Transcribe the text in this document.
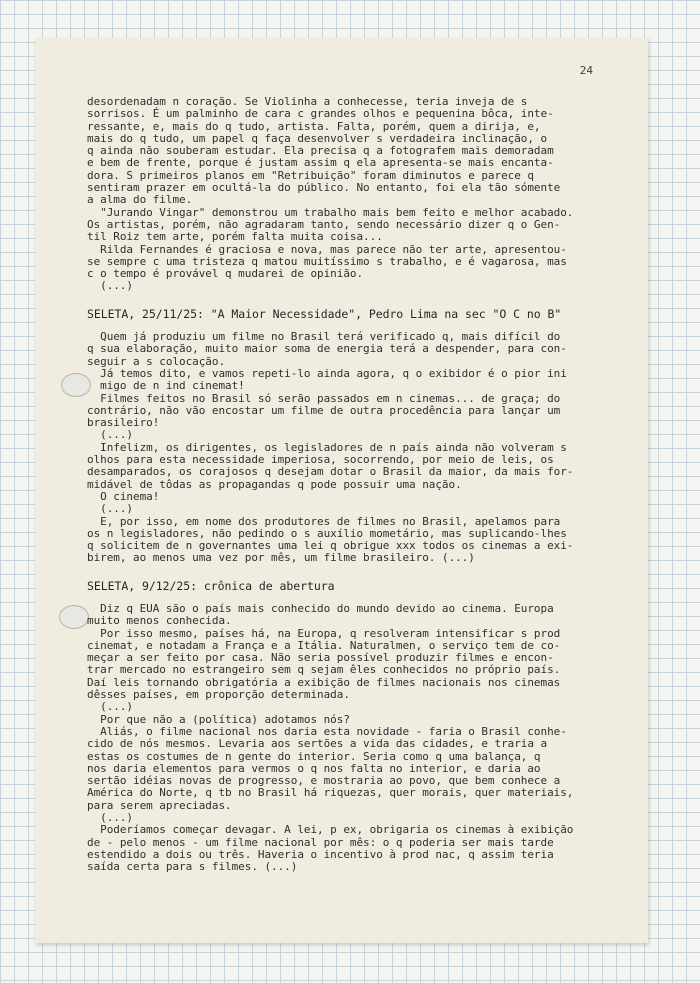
24
desordenadam n coração. Se Violinha a conhecesse, teria inveja de s
sorrisos. É um palminho de cara c grandes olhos e pequenina bôca, inte-
ressante, e, mais do q tudo, artista. Falta, porém, quem a dirija, e,
mais do q tudo, um papel q faça desenvolver s verdadeira inclinação, o
q ainda não souberam estudar. Ela precisa q a fotografem mais demoradam
e bem de frente, porque é justam assim q ela apresenta-se mais encanta-
dora. S primeiros planos em "Retribuição" foram diminutos e parece q
sentiram prazer em ocultá-la do público. No entanto, foi ela tão sómente
a alma do filme.
"Jurando Vingar" demonstrou um trabalho mais bem feito e melhor acabado.
Os artistas, porém, não agradaram tanto, sendo necessário dizer q o Gen-
til Roiz tem arte, porém falta muita coisa...
Rilda Fernandes é graciosa e nova, mas parece não ter arte, apresentou-
se sempre c uma tristeza q matou muitíssimo s trabalho, e é vagarosa, mas
c o tempo é provável q mudarei de opinião.
(...)
SELETA, 25/11/25: "A Maior Necessidade", Pedro Lima na sec "O C no B"
Quem já produziu um filme no Brasil terá verificado q, mais difícil do
q sua elaboração, muito maior soma de energia terá a despender, para con-
seguir a s colocação.
Já temos dito, e vamos repeti-lo ainda agora, q o exibidor é o pior ini
migo de n ind cinemat!
Filmes feitos no Brasil só serão passados em n cinemas... de graça; do
contrário, não vão encostar um filme de outra procedência para lançar um
brasileiro!
(...)
Infelizm, os dirigentes, os legisladores de n país ainda não volveram s
olhos para esta necessidade imperiosa, socorrendo, por meio de leis, os
desamparados, os corajosos q desejam dotar o Brasil da maior, da mais for-
midável de tôdas as propagandas q pode possuir uma nação.
O cinema!
(...)
E, por isso, em nome dos produtores de filmes no Brasil, apelamos para
os n legisladores, não pedindo o s auxílio mometário, mas suplicando-lhes
q solicitem de n governantes uma lei q obrigue xxx todos os cinemas a exi-
birem, ao menos uma vez por mês, um filme brasileiro. (...)
SELETA, 9/12/25: crônica de abertura
Diz q EUA são o país mais conhecido do mundo devido ao cinema. Europa
muito menos conhecida.
Por isso mesmo, países há, na Europa, q resolveram intensificar s prod
cinemat, e notadam a França e a Itália. Naturalmen, o serviço tem de co-
meçar a ser feito por casa. Não seria possível produzir filmes e encon-
trar mercado no estrangeiro sem q sejam êles conhecidos no próprio país.
Daí leis tornando obrigatória a exibição de filmes nacionais nos cinemas
dêsses países, em proporção determinada.
(...)
Por que não a (política) adotamos nós?
Aliás, o filme nacional nos daria esta novidade - faria o Brasil conhe-
cido de nós mesmos. Levaria aos sertões a vida das cidades, e traria a
estas os costumes de n gente do interior. Seria como q uma balança, q
nos daria elementos para vermos o q nos falta no interior, e daria ao
sertão idéias novas de progresso, e mostraria ao povo, que bem conhece a
América do Norte, q tb no Brasil há riquezas, quer morais, quer materiais,
para serem apreciadas.
(...)
Poderíamos começar devagar. A lei, p ex, obrigaria os cinemas à exibição
de - pelo menos - um filme nacional por mês: o q poderia ser mais tarde
estendido a dois ou três. Haveria o incentivo à prod nac, q assim teria
saída certa para s filmes. (...)
